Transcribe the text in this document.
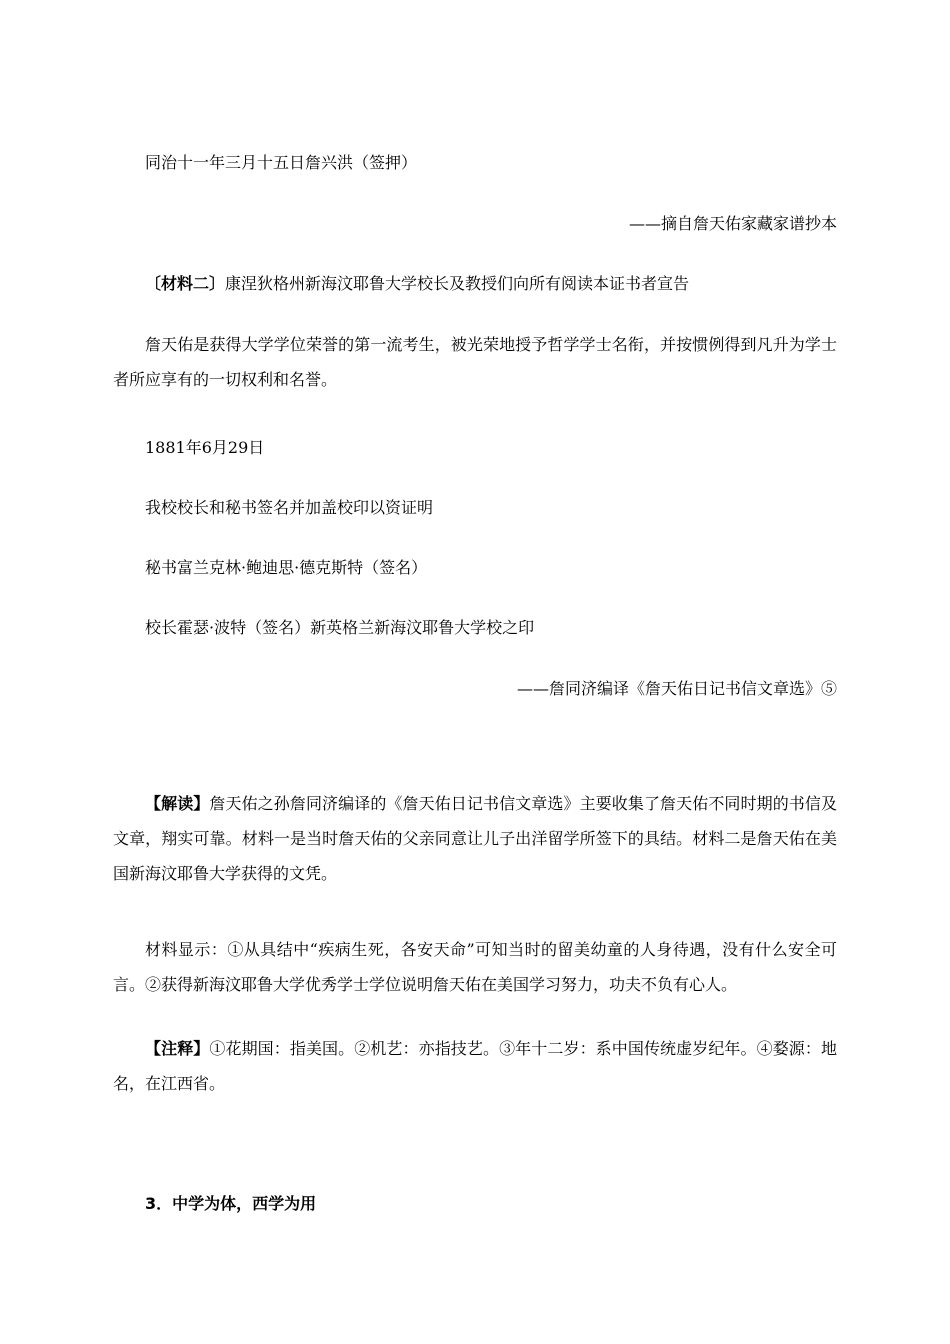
同治十一年三月十五日詹兴洪（签押）

——摘自詹天佑家藏家谱抄本

〔材料二〕康涅狄格州新海汶耶鲁大学校长及教授们向所有阅读本证书者宣告

詹天佑是获得大学学位荣誉的第一流考生，被光荣地授予哲学学士名衔，并按惯例得到凡升为学士者所应享有的一切权利和名誉。

1881年6月29日

我校校长和秘书签名并加盖校印以资证明

秘书富兰克林·鲍迪思·德克斯特（签名）

校长霍瑟·波特（签名）新英格兰新海汶耶鲁大学校之印

——詹同济编译《詹天佑日记书信文章选》⑤

【解读】詹天佑之孙詹同济编译的《詹天佑日记书信文章选》主要收集了詹天佑不同时期的书信及文章，翔实可靠。材料一是当时詹天佑的父亲同意让儿子出洋留学所签下的具结。材料二是詹天佑在美国新海汶耶鲁大学获得的文凭。

材料显示：①从具结中“疾病生死，各安天命”可知当时的留美幼童的人身待遇，没有什么安全可言。②获得新海汶耶鲁大学优秀学士学位说明詹天佑在美国学习努力，功夫不负有心人。

【注释】①花期国：指美国。②机艺：亦指技艺。③年十二岁：系中国传统虚岁纪年。④婺源：地名，在江西省。

3．中学为体，西学为用
